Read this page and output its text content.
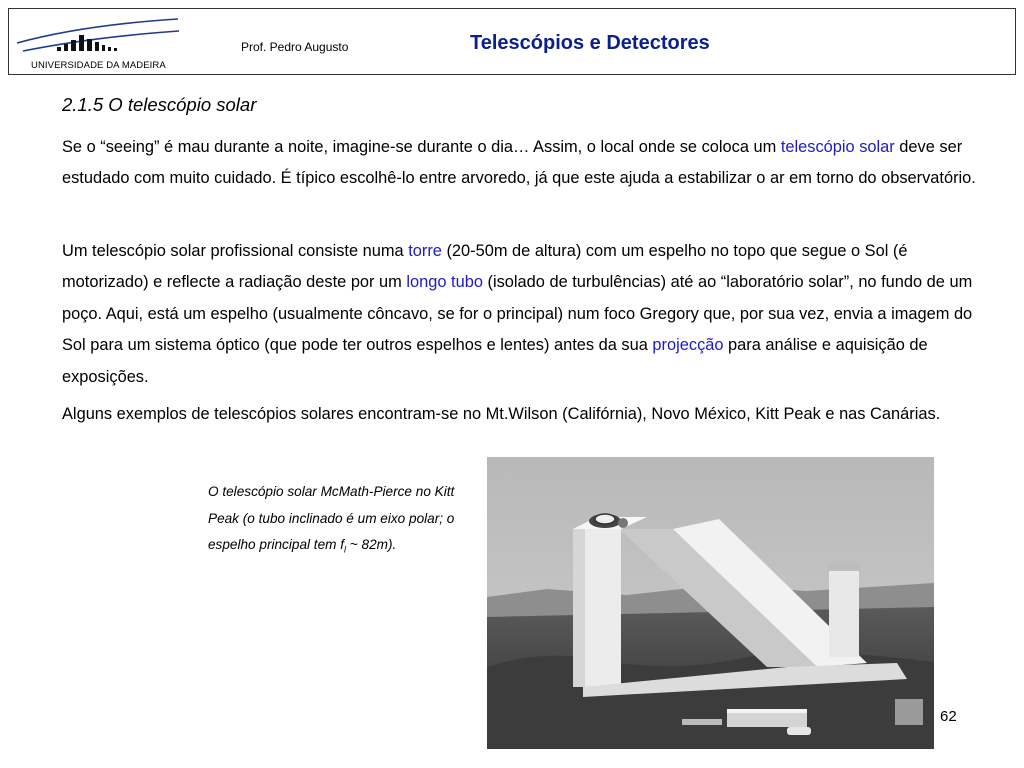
UNIVERSIDADE DA MADEIRA
Prof. Pedro Augusto	Telescópios e Detectores
2.1.5 O telescópio solar
Se o “seeing” é mau durante a noite, imagine-se durante o dia… Assim, o local onde se coloca um telescópio solar deve ser estudado com muito cuidado. É típico escolhê-lo entre arvoredo, já que este ajuda a estabilizar o ar em torno do observatório.
Um telescópio solar profissional consiste numa torre (20-50m de altura) com um espelho no topo que segue o Sol (é motorizado) e reflecte a radiação deste por um longo tubo (isolado de turbulências) até ao “laboratório solar”, no fundo de um poço. Aqui, está um espelho (usualmente côncavo, se for o principal) num foco Gregory que, por sua vez, envia a imagem do Sol para um sistema óptico (que pode ter outros espelhos e lentes) antes da sua projecção para análise e aquisição de exposições.
Alguns exemplos de telescópios solares encontram-se no Mt.Wilson (Califórnia), Novo México, Kitt Peak e nas Canárias.
O telescópio solar McMath-Pierce no Kitt Peak (o tubo inclinado é um eixo polar; o espelho principal tem $f_l$ ~ 82m).
62
